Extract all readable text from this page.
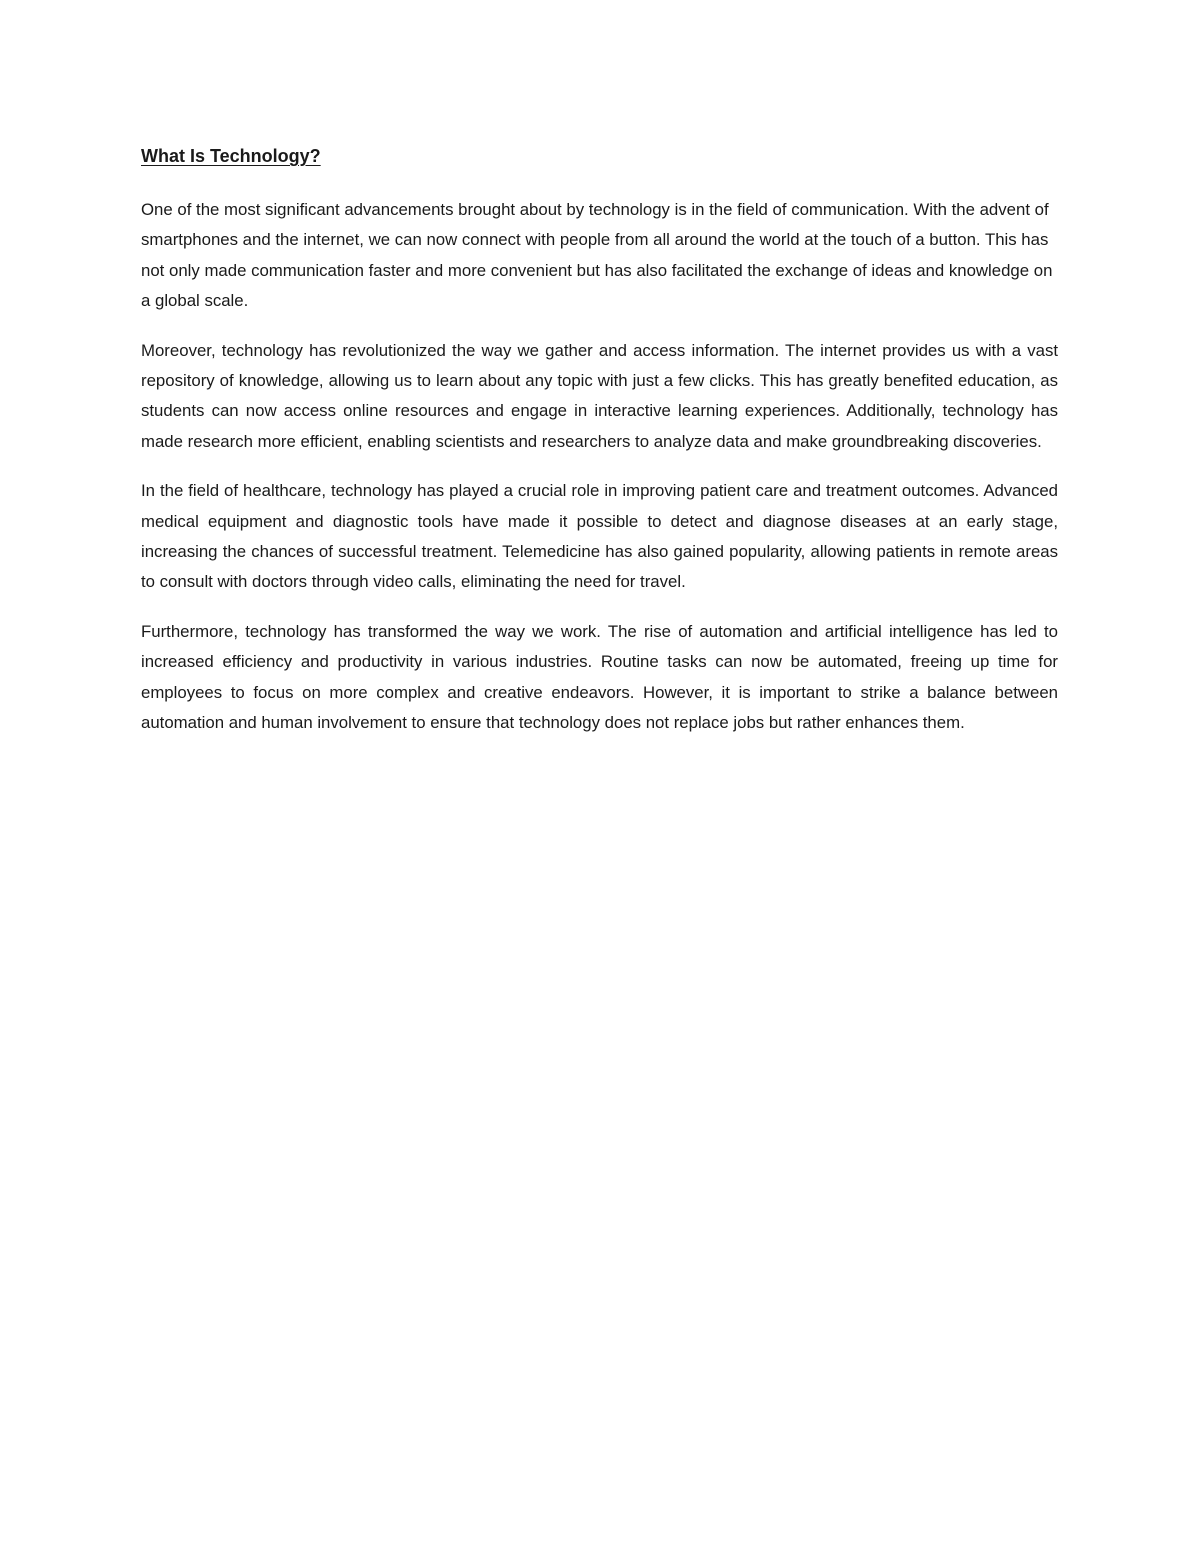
What Is Technology?

One of the most significant advancements brought about by technology is in the field of communication. With the advent of smartphones and the internet, we can now connect with people from all around the world at the touch of a button. This has not only made communication faster and more convenient but has also facilitated the exchange of ideas and knowledge on a global scale.

Moreover, technology has revolutionized the way we gather and access information. The internet provides us with a vast repository of knowledge, allowing us to learn about any topic with just a few clicks. This has greatly benefited education, as students can now access online resources and engage in interactive learning experiences. Additionally, technology has made research more efficient, enabling scientists and researchers to analyze data and make groundbreaking discoveries.

In the field of healthcare, technology has played a crucial role in improving patient care and treatment outcomes. Advanced medical equipment and diagnostic tools have made it possible to detect and diagnose diseases at an early stage, increasing the chances of successful treatment. Telemedicine has also gained popularity, allowing patients in remote areas to consult with doctors through video calls, eliminating the need for travel.

Furthermore, technology has transformed the way we work. The rise of automation and artificial intelligence has led to increased efficiency and productivity in various industries. Routine tasks can now be automated, freeing up time for employees to focus on more complex and creative endeavors. However, it is important to strike a balance between automation and human involvement to ensure that technology does not replace jobs but rather enhances them.
